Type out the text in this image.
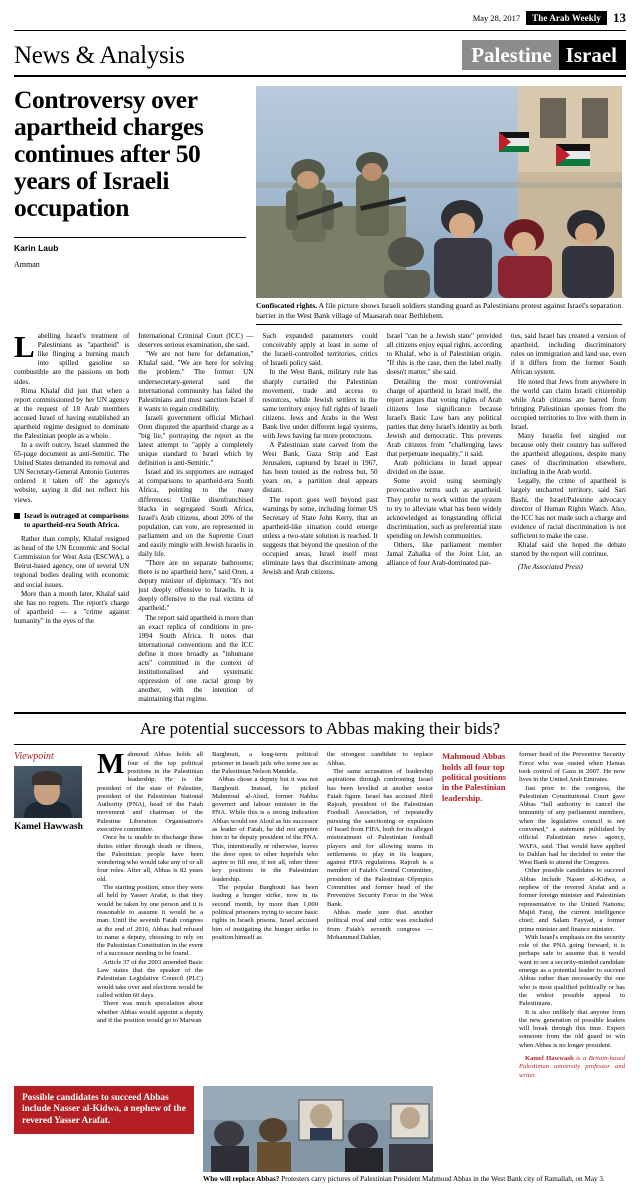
May 28, 2017	The Arab Weekly 13
News & Analysis	Palestine Israel
Controversy over apartheid charges continues after 50 years of Israeli occupation
Karin Laub
Amman
Confiscated rights. A file picture shows Israeli soldiers standing guard as Palestinians protest against Israel's separation barrier in the West Bank village of Maasarah near Bethlehem.

Labelling Israel's treatment of Palestinians as "apartheid" is like flinging a burning match into spilled gasoline so combustible are the passions on both sides.

Rima Khalaf did just that when a report commissioned by her UN agency at the request of 18 Arab members accused Israel of having established an apartheid regime designed to dominate the Palestinian people as a whole.

In a swift outcry, Israel slammed the 65-page document as anti-Semitic. The United States demanded its removal and UN Secretary-General Antonio Guterres ordered it taken off the agency's website, saying it did not reflect his views.

Israel is outraged at comparisons to apartheid-era South Africa.

Rather than comply, Khalaf resigned as head of the UN Economic and Social Commission for West Asia (ESCWA), a Beirut-based agency, one of several UN regional bodies dealing with economic and social issues.

More than a month later, Khalaf said she has no regrets. The report's charge of apartheid — a "crime against humanity" in the eyes of the

International Criminal Court (ICC) — deserves serious examination, she said.

"We are not here for defamation," Khalaf said. "We are here for solving the problem." The former UN undersecretary-general said the international community has failed the Palestinians and must sanction Israel if it wants to regain credibility.

Israeli government official Michael Oren disputed the apartheid charge as a "big lie," portraying the report as the latest attempt to "apply a completely unique standard to Israel which by definition is anti-Semitic."

Israel and its supporters are outraged at comparisons to apartheid-era South Africa, pointing to the many differences: Unlike disenfranchised blacks in segregated South Africa, Israel's Arab citizens, about 20% of the population, can vote, are represented in parliament and on the Supreme Court and easily mingle with Jewish Israelis in daily life.

"There are no separate bathrooms; there is no apartheid here," said Oren, a deputy minister of diplomacy. "It's not just deeply offensive to Israelis. It is deeply offensive to the real victims of apartheid."

The report said apartheid is more than an exact replica of conditions in pre-1994 South Africa. It notes that international conventions and the ICC define it more broadly as "inhumane acts" committed in the context of institutionalised and systematic oppression of one racial group by another, with the intention of maintaining that regime.

Such expanded parameters could conceivably apply at least in some of the Israeli-controlled territories, critics of Israeli policy said.

In the West Bank, military rule has sharply curtailed the Palestinian movement, trade and access to resources, while Jewish settlers in the same territory enjoy full rights of Israeli citizens. Jews and Arabs in the West Bank live under different legal systems, with Jews having far more protections.

A Palestinian state carved from the West Bank, Gaza Strip and East Jerusalem, captured by Israel in 1967, has been touted as the redress but, 50 years on, a partition deal appears distant.

The report goes well beyond past warnings by some, including former US Secretary of State John Kerry, that an apartheid-like situation could emerge unless a two-state solution is reached. It suggests that beyond the question of the occupied areas, Israel itself must eliminate laws that discriminate among Jewish and Arab citizens.

Israel "can be a Jewish state" provided all citizens enjoy equal rights, according to Khalaf, who is of Palestinian origin. "If this is the case, then the label really doesn't matter," she said.

Detailing the most controversial charge of apartheid in Israel itself, the report argues that voting rights of Arab citizens lose significance because Israel's Basic Law bars any political parties that deny Israel's identity as both Jewish and democratic. This prevents Arab citizens from "challenging laws that perpetuate inequality," it said.

Arab politicians in Israel appear divided on the issue.

Some avoid using seemingly provocative terms such as apartheid. They prefer to work within the system to try to alleviate what has been widely acknowledged as longstanding official discrimination, such as preferential state spending on Jewish communities.

Others, like parliament member Jamal Zahalka of the Joint List, an alliance of four Arab-dominated par-

ties, said Israel has created a version of apartheid, including discriminatory rules on immigration and land use, even if it differs from the former South African system.

He noted that Jews from anywhere in the world can claim Israeli citizenship while Arab citizens are barred from bringing Palestinian spouses from the occupied territories to live with them in Israel.

Many Israelis feel singled out because only their country has suffered the apartheid allegations, despite many cases of discrimination elsewhere, including in the Arab world.

Legally, the crime of apartheid is largely uncharted territory, said Sari Bashi, the Israel/Palestine advocacy director of Human Rights Watch. Also, the ICC has not made such a charge and evidence of racial discrimination is not sufficient to make the case.

Khalaf said she hoped the debate started by the report will continue.

(The Associated Press)

Are potential successors to Abbas making their bids?
Viewpoint
Kamel Hawwash

Mahmoud Abbas holds all four of the top political positions in the Palestinian leadership. He is the president of the state of Palestine, president of the Palestinian National Authority (PNA), head of the Fatah movement and chairman of the Palestine Liberation Organisation's executive committee.

Once he is unable to discharge these duties either through death or illness, the Palestinian people have been wondering who would take any of or all four roles. After all, Abbas is 82 years old.

The starting position, since they were all held by Yasser Arafat, is that they would be taken by one person and it is reasonable to assume it would be a man. Until the seventh Fatah congress at the end of 2016, Abbas had refused to name a deputy, choosing to rely on the Palestinian Constitution in the event of a successor needing to be found.

Article 37 of the 2003 amended Basic Law states that the speaker of the Palestinian Legislative Council (PLC) would take over and elections would be called within 60 days.

There was much speculation about whether Abbas would appoint a deputy and if the position would go to Marwan

Barghouti, a long-term political prisoner in Israeli jails who some see as the Palestinian Nelson Mandela.

Abbas chose a deputy but it was not Barghouti. Instead, he picked Mahmoud al-Aloul, former Nablus governor and labour minister in the PNA. While this is a strong indication Abbas would see Aloul as his successor as leader of Fatah, he did not appoint him to be deputy president of the PNA. This, intentionally or otherwise, leaves the door open to other hopefuls who aspire to fill one, if not all, other three key positions in the Palestinian leadership.

The popular Barghouti has been leading a hunger strike, now in its second month, by more than 1,000 political prisoners trying to secure basic rights in Israeli prisons. Israel accused him of instigating the hunger strike to position himself as

the strongest candidate to replace Abbas.

The same accusation of leadership aspirations through confronting Israel has been levelled at another senior Fatah figure. Israel has accused Jibril Rajoub, president of the Palestinian Football Association, of repeatedly pursuing the sanctioning or expulsion of Israel from FIFA, both for its alleged mistreatment of Palestinian football players and for allowing teams in settlements to play in its leagues, against FIFA regulations. Rajoub is a member of Fatah's Central Committee, president of the Palestinian Olympics Committee and former head of the Preventive Security Force in the West Bank.

Abbas made sure that another political rival and critic was excluded from Fatah's seventh congress — Mohammed Dahlan,

Mahmoud Abbas holds all four top political positions in the Palestinian leadership.

former head of the Preventive Security Force who was ousted when Hamas took control of Gaza in 2007. He now lives in the United Arab Emirates.

Just prior to the congress, the Palestinian Constitutional Court gave Abbas "full authority to cancel the immunity of any parliament members, when the legislative council is not convened," a statement published by official Palestinian news agency, WAFA, said. That would have applied to Dahlan had he decided to enter the West Bank to attend the Congress.

Other possible candidates to succeed Abbas include Nasser al-Kidwa, a nephew of the revered Arafat and a former foreign minister and Palestinian representative to the United Nations; Majid Faraj, the current intelligence chief; and Salam Fayyad, a former prime minister and finance minister.

With Israel's emphasis on the security role of the PNA going forward, it is perhaps safe to assume that it would want to see a security-minded candidate emerge as a potential leader to succeed Abbas rather than necessarily the one who is most qualified politically or has the widest possible appeal to Palestinians.

It is also unlikely that anyone from the new generation of possible leaders will break through this time. Expect someone from the old guard to win when Abbas is no longer president.

Kamel Hawwash is a Britain-based Palestinian university professor and writer.

Possible candidates to succeed Abbas include Nasser al-Kidwa, a nephew of the revered Yasser Arafat.
Who will replace Abbas? Protesters carry pictures of Palestinian President Mahmoud Abbas in the West Bank city of Ramallah, on May 3.
